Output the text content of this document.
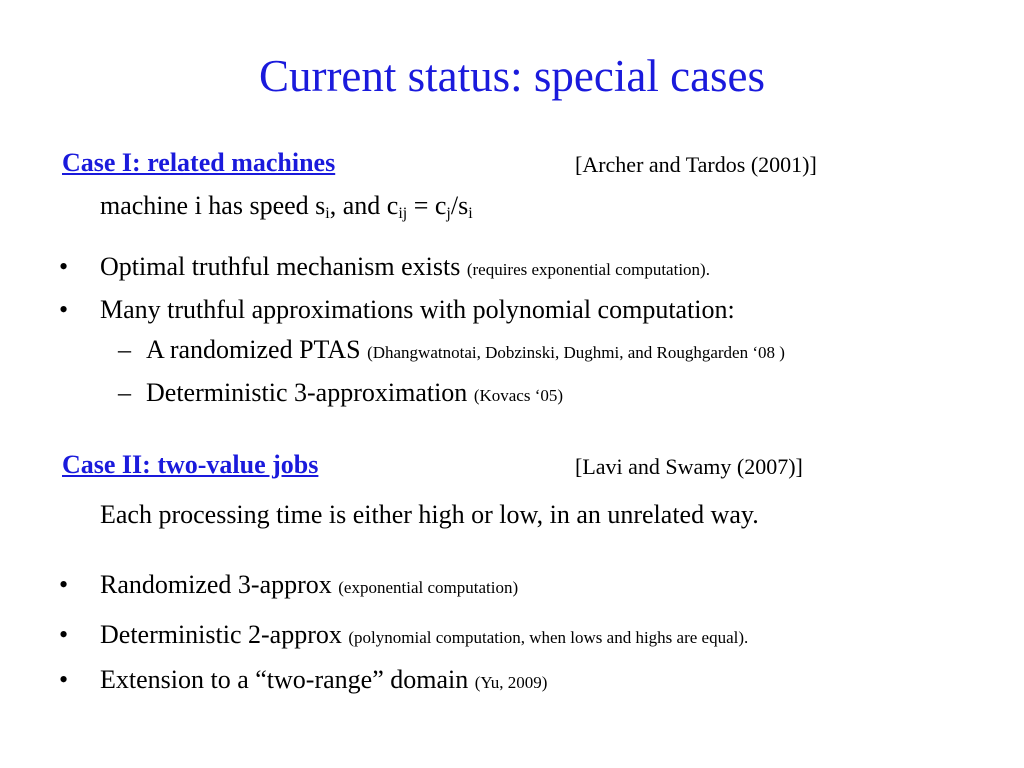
Current status: special cases
Case I: related machines	[Archer and Tardos (2001)]
machine i has speed $s_i$, and $c_{ij} = c_j/s_i$
• Optimal truthful mechanism exists (requires exponential computation).
• Many truthful approximations with polynomial computation:
– A randomized PTAS (Dhangwatnotai, Dobzinski, Dughmi, and Roughgarden ‘08 )
– Deterministic 3-approximation (Kovacs ‘05)
Case II: two-value jobs	[Lavi and Swamy (2007)]
Each processing time is either high or low, in an unrelated way.
• Randomized 3-approx (exponential computation)
• Deterministic 2-approx (polynomial computation, when lows and highs are equal).
• Extension to a “two-range” domain (Yu, 2009)
